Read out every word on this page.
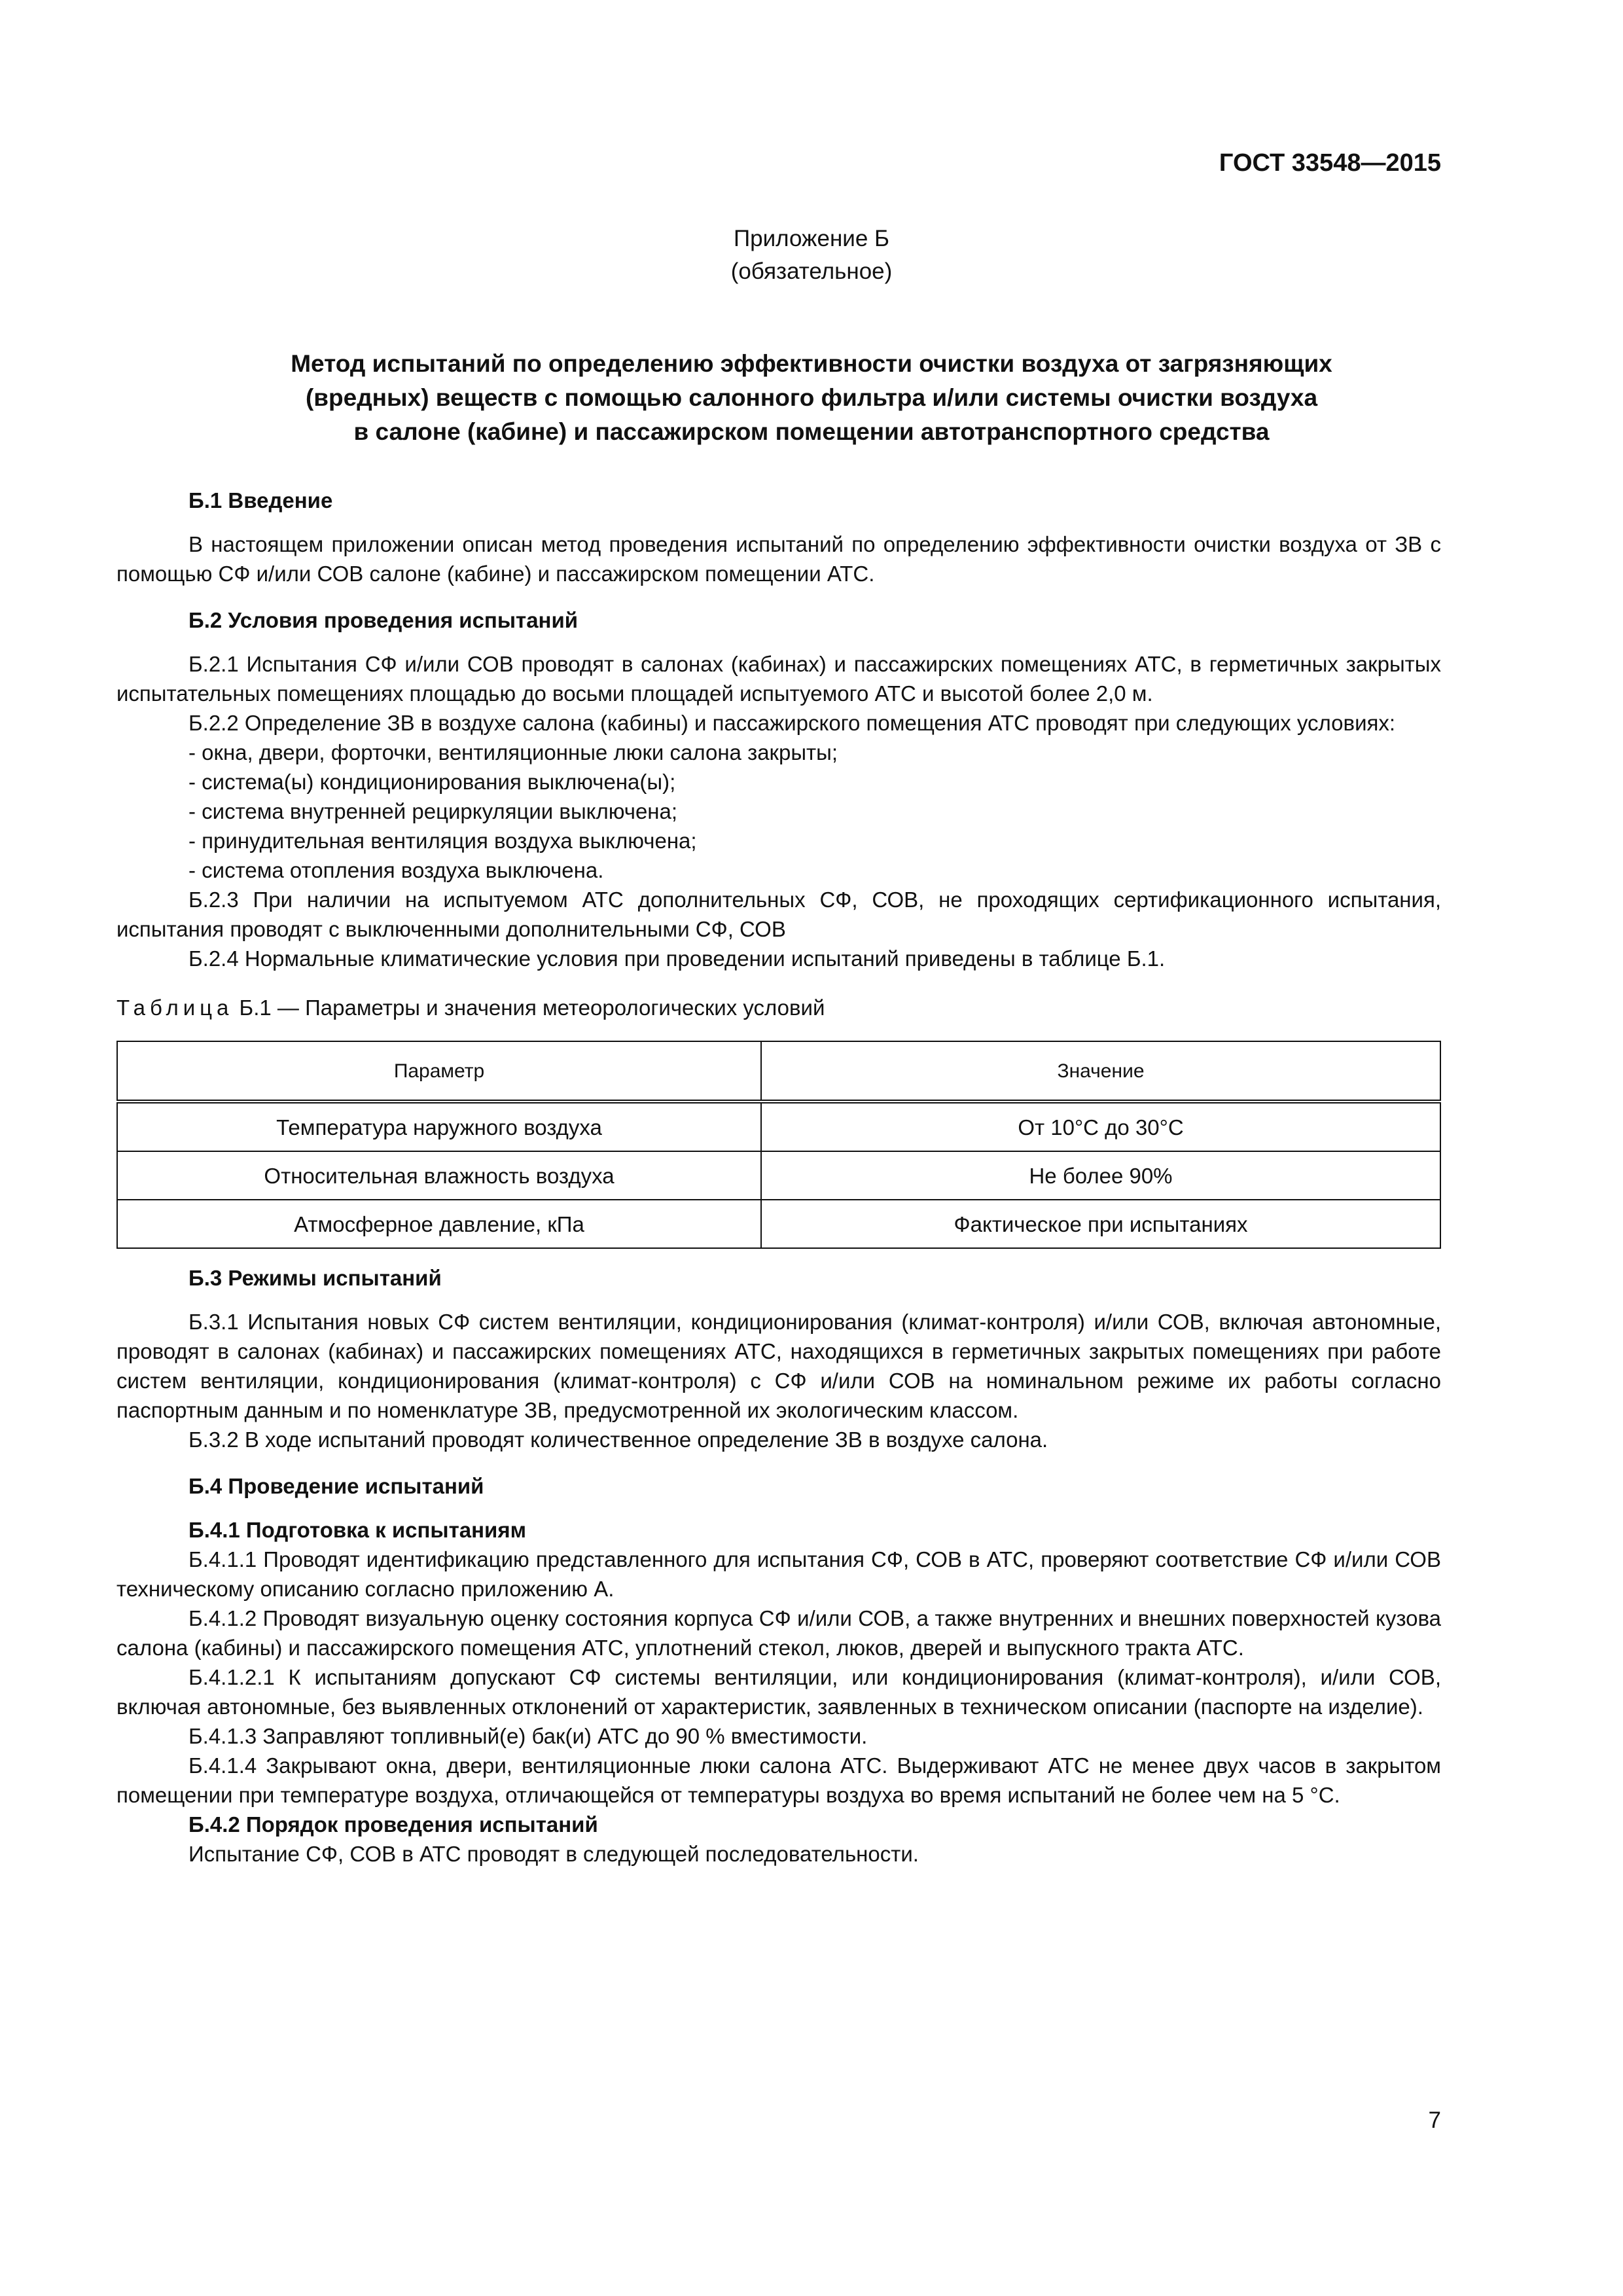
ГОСТ 33548—2015
Приложение Б
(обязательное)
Метод испытаний по определению эффективности очистки воздуха от загрязняющих
(вредных) веществ с помощью салонного фильтра и/или системы очистки воздуха
в салоне (кабине) и пассажирском помещении автотранспортного средства

Б.1 Введение

В настоящем приложении описан метод проведения испытаний по определению эффективности очистки воздуха от ЗВ с помощью СФ и/или СОВ салоне (кабине) и пассажирском помещении АТС.

Б.2 Условия проведения испытаний

Б.2.1 Испытания СФ и/или СОВ проводят в салонах (кабинах) и пассажирских помещениях АТС, в герметичных закрытых испытательных помещениях площадью до восьми площадей испытуемого АТС и высотой более 2,0 м.

Б.2.2 Определение ЗВ в воздухе салона (кабины) и пассажирского помещения АТС проводят при следующих условиях:

- окна, двери, форточки, вентиляционные люки салона закрыты;

- система(ы) кондиционирования выключена(ы);

- система внутренней рециркуляции выключена;

- принудительная вентиляция воздуха выключена;

- система отопления воздуха выключена.

Б.2.3 При наличии на испытуемом АТС дополнительных СФ, СОВ, не проходящих сертификационного испытания, испытания проводят с выключенными дополнительными СФ, СОВ

Б.2.4 Нормальные климатические условия при проведении испытаний приведены в таблице Б.1.

Таблица Б.1 — Параметры и значения метеорологических условий

Параметр	Значение
Температура наружного воздуха	От 10°С до 30°С
Относительная влажность воздуха	Не более 90%
Атмосферное давление, кПа	Фактическое при испытаниях

Б.3 Режимы испытаний

Б.3.1 Испытания новых СФ систем вентиляции, кондиционирования (климат-контроля) и/или СОВ, включая автономные, проводят в салонах (кабинах) и пассажирских помещениях АТС, находящихся в герметичных закрытых помещениях при работе систем вентиляции, кондиционирования (климат-контроля) с СФ и/или СОВ на номинальном режиме их работы согласно паспортным данным и по номенклатуре ЗВ, предусмотренной их экологическим классом.

Б.3.2 В ходе испытаний проводят количественное определение ЗВ в воздухе салона.

Б.4 Проведение испытаний

Б.4.1 Подготовка к испытаниям

Б.4.1.1 Проводят идентификацию представленного для испытания СФ, СОВ в АТС, проверяют соответствие СФ и/или СОВ техническому описанию согласно приложению А.

Б.4.1.2 Проводят визуальную оценку состояния корпуса СФ и/или СОВ, а также внутренних и внешних поверхностей кузова салона (кабины) и пассажирского помещения АТС, уплотнений стекол, люков, дверей и выпускного тракта АТС.

Б.4.1.2.1 К испытаниям допускают СФ системы вентиляции, или кондиционирования (климат-контроля), и/или СОВ, включая автономные, без выявленных отклонений от характеристик, заявленных в техническом описании (паспорте на изделие).

Б.4.1.3 Заправляют топливный(е) бак(и) АТС до 90 % вместимости.

Б.4.1.4 Закрывают окна, двери, вентиляционные люки салона АТС. Выдерживают АТС не менее двух часов в закрытом помещении при температуре воздуха, отличающейся от температуры воздуха во время испытаний не более чем на 5 °С.

Б.4.2 Порядок проведения испытаний

Испытание СФ, СОВ в АТС проводят в следующей последовательности.

7
